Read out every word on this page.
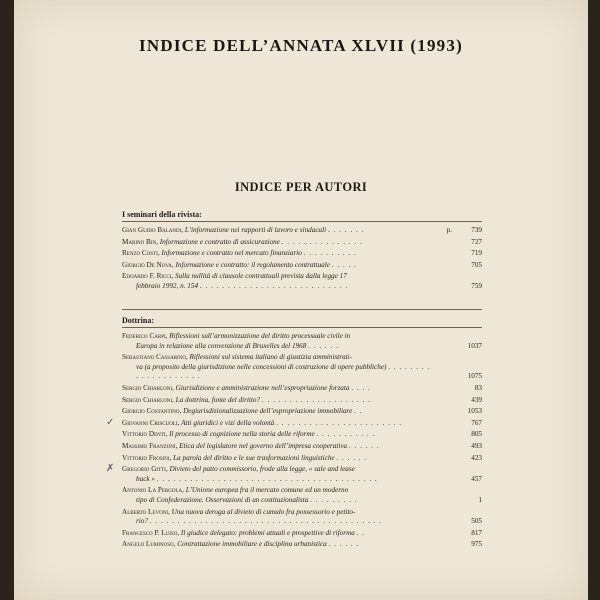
INDICE DELL’ANNATA XLVII (1993)
INDICE PER AUTORI
I seminari della rivista:
Gian Guido Balandi, L’informazione nei rapporti di lavoro e sindacali . . . . . . .	p.	739
Marino Bin, Informazione e contratto di assicurazione . . . . . . . . . . . . . . .	727
Renzo Costi, Informazione e contratto nel mercato finanziario . . . . . . . . . .	719
Giorgio De Nova, Informazione e contratto: il regolamento contrattuale . . . . .	705
Edoardo F. Ricci, Sulla nullità di clausole contrattuali prevista dalla legge 17
febbraio 1992, n. 154 . . . . . . . . . . . . . . . . . . . . . . . . . . .	759
Dottrina:
Federico Carpi, Riflessioni sull’armonizzazione del diritto processuale civile in
Europa in relazione alla convenzione di Bruxelles del 1968 . . . . . .	1037
Sebastiano Cassarino, Riflessioni sul sistema italiano di giustizia amministrati-
va (a proposito della giurisdizione nelle concessioni di costruzione di opere pubbliche) . . . . . . . . . . . . . . . . . . . .	1075
Sergio Chiarloni, Giurisdizione e amministrazione nell’espropriazione forzata . . . .	83
Sergio Chiarloni, La dottrina, fonte del diritto? . . . . . . . . . . . . . . . . . . . .	439
Giorgio Costantino, Degiurisdizionalizzazione dell’espropriazione immobiliare . .	1053
✓ Giovanni Criscuoli, Atti giuridici e vizi della volontà . . . . . . . . . . . . . . . . . . . . . . .	767
Vittorio Denti, Il processo di cognizione nella storia delle riforme . . . . . . . . . . .	805
Massimo Franzoni, Etica del legislatore nel governo dell’impresa cooperativa . . . . . .	493
Vittorio Frosini, La parola del diritto e le sue trasformazioni linguistiche . . . . . .	423
✗ Gregorio Gitti, Divieto del patto commissorio, frode alla legge, « sale and lease
back » . . . . . . . . . . . . . . . . . . . . . . . . . . . . . . . . . . . . . . . .	457
Antonio La Pergola, L’Unione europea fra il mercato comune ed un moderno
tipo di Confederazione. Osservazioni di un costituzionalista . . . . . . . . .	1
Alberto Levoni, Una nuova deroga al divieto di cumulo fra possessorio e petito-
rio? . . . . . . . . . . . . . . . . . . . . . . . . . . . . . . . . . . . . . . . . . .	505
Francesco P. Luiso, Il giudice delegato: problemi attuali e prospettive di riforma . .	817
Angelo Luminoso, Contrattazione immobiliare e disciplina urbanistica . . . . . .	975
